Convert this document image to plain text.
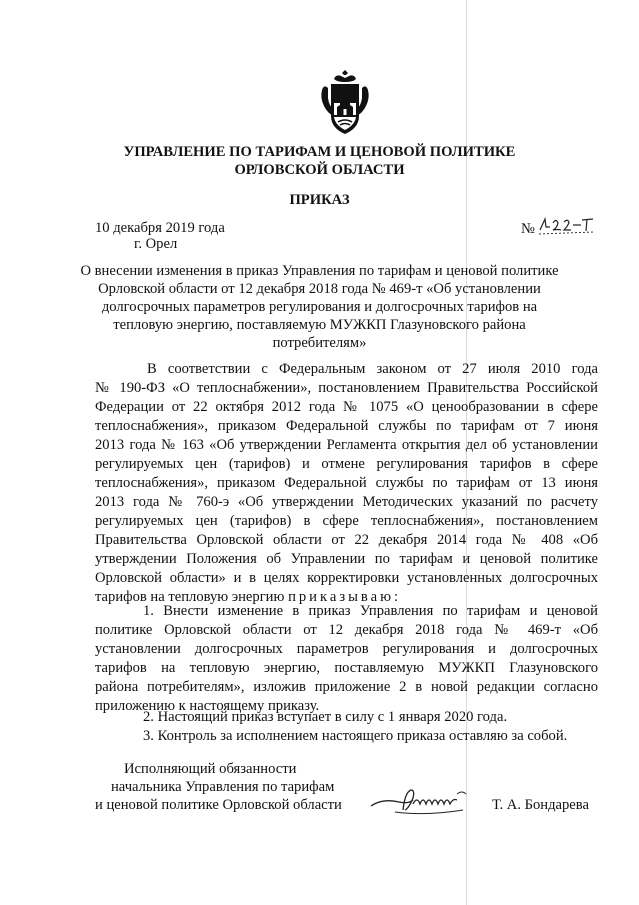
УПРАВЛЕНИЕ ПО ТАРИФАМ И ЦЕНОВОЙ ПОЛИТИКЕ
ОРЛОВСКОЙ ОБЛАСТИ
ПРИКАЗ
10 декабря 2019 года
г. Орел
№
О внесении изменения в приказ Управления по тарифам и ценовой политике
Орловской области от 12 декабря 2018 года № 469-т «Об установлении
долгосрочных параметров регулирования и долгосрочных тарифов на
тепловую энергию, поставляемую МУЖКП Глазуновского района
потребителям»
В соответствии с Федеральным законом от 27 июля 2010 года
№ 190-ФЗ «О теплоснабжении», постановлением Правительства Российской
Федерации от 22 октября 2012 года № 1075 «О ценообразовании в сфере
теплоснабжения», приказом Федеральной службы по тарифам от 7 июня
2013 года № 163 «Об утверждении Регламента открытия дел об установлении
регулируемых цен (тарифов) и отмене регулирования тарифов в сфере
теплоснабжения», приказом Федеральной службы по тарифам от 13 июня
2013 года № 760-э «Об утверждении Методических указаний по расчету
регулируемых цен (тарифов) в сфере теплоснабжения», постановлением
Правительства Орловской области от 22 декабря 2014 года № 408 «Об
утверждении Положения об Управлении по тарифам и ценовой политике
Орловской области» и в целях корректировки установленных долгосрочных
тарифов на тепловую энергию приказываю:
1. Внести изменение в приказ Управления по тарифам и ценовой
политике Орловской области от 12 декабря 2018 года № 469-т «Об
установлении долгосрочных параметров регулирования и долгосрочных
тарифов на тепловую энергию, поставляемую МУЖКП Глазуновского
района потребителям», изложив приложение 2 в новой редакции согласно
приложению к настоящему приказу.
2. Настоящий приказ вступает в силу с 1 января 2020 года.
3. Контроль за исполнением настоящего приказа оставляю за собой.
Исполняющий обязанности
начальника Управления по тарифам
и ценовой политике Орловской области	Т. А. Бондарева
